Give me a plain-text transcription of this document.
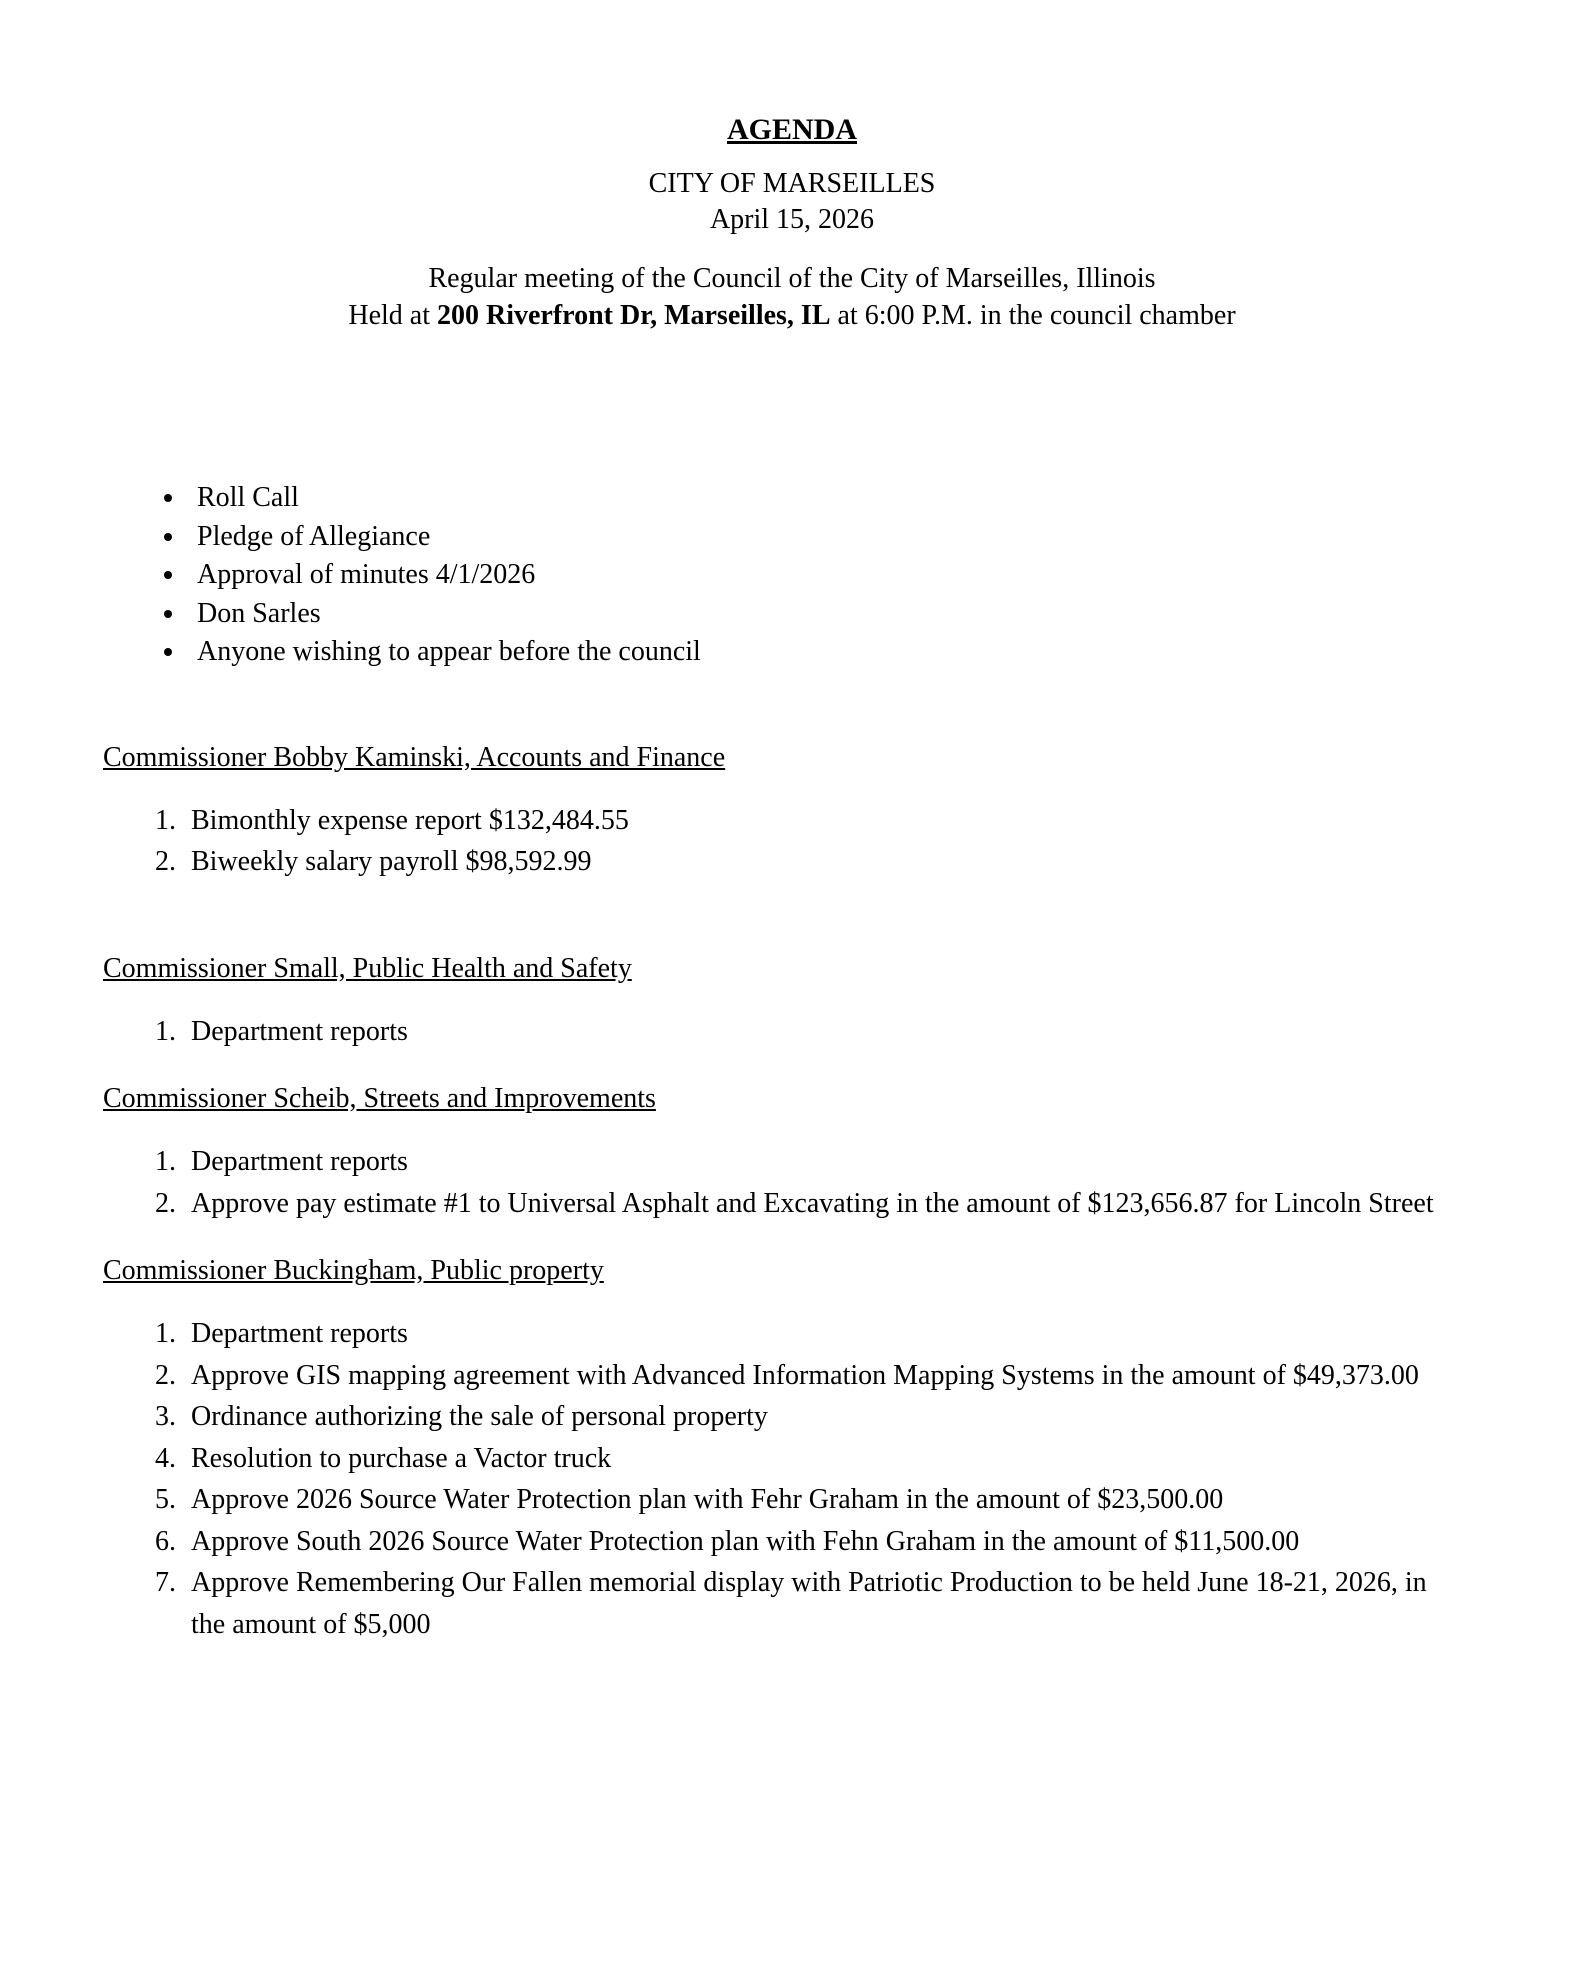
AGENDA

CITY OF MARSEILLES

April 15, 2026

Regular meeting of the Council of the City of Marseilles, Illinois
Held at 200 Riverfront Dr, Marseilles, IL at 6:00 P.M. in the council chamber
• Roll Call
• Pledge of Allegiance
• Approval of minutes 4/1/2026
• Don Sarles
• Anyone wishing to appear before the council
Commissioner Bobby Kaminski, Accounts and Finance
1. Bimonthly expense report $132,484.55
2. Biweekly salary payroll $98,592.99
Commissioner Small, Public Health and Safety
1. Department reports
Commissioner Scheib, Streets and Improvements
1. Department reports
2. Approve pay estimate #1 to Universal Asphalt and Excavating in the amount of $123,656.87 for Lincoln Street
Commissioner Buckingham, Public property
1. Department reports
2. Approve GIS mapping agreement with Advanced Information Mapping Systems in the amount of $49,373.00
3. Ordinance authorizing the sale of personal property
4. Resolution to purchase a Vactor truck
5. Approve 2026 Source Water Protection plan with Fehr Graham in the amount of $23,500.00
6. Approve South 2026 Source Water Protection plan with Fehn Graham in the amount of $11,500.00
7. Approve Remembering Our Fallen memorial display with Patriotic Production to be held June 18-21, 2026, in the amount of $5,000
